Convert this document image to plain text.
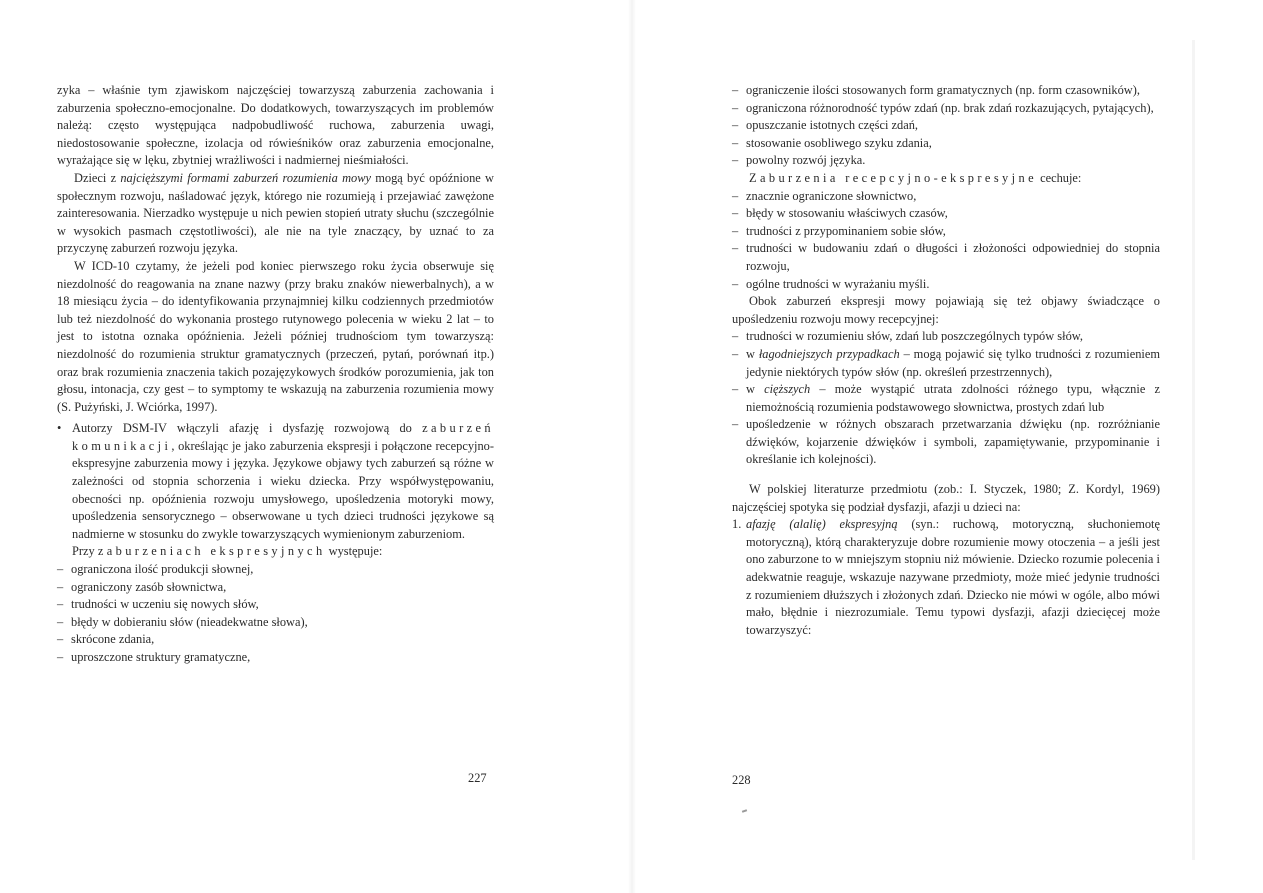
zyka – właśnie tym zjawiskom najczęściej towarzyszą zaburzenia zachowania i zaburzenia społeczno-emocjonalne. Do dodatkowych, towarzyszących im problemów należą: często występująca nadpobudliwość ruchowa, zaburzenia uwagi, niedostosowanie społeczne, izolacja od rówieśników oraz zaburzenia emocjonalne, wyrażające się w lęku, zbytniej wrażliwości i nadmiernej nieśmiałości.

Dzieci z najcięższymi formami zaburzeń rozumienia mowy mogą być opóźnione w społecznym rozwoju, naśladować język, którego nie rozumieją i przejawiać zawężone zainteresowania. Nierzadko występuje u nich pewien stopień utraty słuchu (szczególnie w wysokich pasmach częstotliwości), ale nie na tyle znaczący, by uznać to za przyczynę zaburzeń rozwoju języka.

W ICD-10 czytamy, że jeżeli pod koniec pierwszego roku życia obserwuje się niezdolność do reagowania na znane nazwy (przy braku znaków niewerbalnych), a w 18 miesiącu życia – do identyfikowania przynajmniej kilku codziennych przedmiotów lub też niezdolność do wykonania prostego rutynowego polecenia w wieku 2 lat – to jest to istotna oznaka opóźnienia. Jeżeli później trudnościom tym towarzyszą: niezdolność do rozumienia struktur gramatycznych (przeczeń, pytań, porównań itp.) oraz brak rozumienia znaczenia takich pozajęzykowych środków porozumienia, jak ton głosu, intonacja, czy gest – to symptomy te wskazują na zaburzenia rozumienia mowy (S. Pużyński, J. Wciórka, 1997).

• Autorzy DSM-IV włączyli afazję i dysfazję rozwojową do zaburzeń komunikacji, określając je jako zaburzenia ekspresji i połączone recepcyjno-ekspresyjne zaburzenia mowy i języka. Językowe objawy tych zaburzeń są różne w zależności od stopnia schorzenia i wieku dziecka. Przy współwystępowaniu, obecności np. opóźnienia rozwoju umysłowego, upośledzenia motoryki mowy, upośledzenia sensorycznego – obserwowane u tych dzieci trudności językowe są nadmierne w stosunku do zwykle towarzyszących wymienionym zaburzeniom.

Przy zaburzeniach ekspresyjnych występuje:

– ograniczona ilość produkcji słownej,
– ograniczony zasób słownictwa,
– trudności w uczeniu się nowych słów,
– błędy w dobieraniu słów (nieadekwatne słowa),
– skrócone zdania,
– uproszczone struktury gramatyczne,
227
– ograniczenie ilości stosowanych form gramatycznych (np. form czasowników),
– ograniczona różnorodność typów zdań (np. brak zdań rozkazujących, pytających),
– opuszczanie istotnych części zdań,
– stosowanie osobliwego szyku zdania,
– powolny rozwój języka.

Zaburzenia recepcyjno-ekspresyjne cechuje:

– znacznie ograniczone słownictwo,
– błędy w stosowaniu właściwych czasów,
– trudności z przypominaniem sobie słów,
– trudności w budowaniu zdań o długości i złożoności odpowiedniej do stopnia rozwoju,
– ogólne trudności w wyrażaniu myśli.

Obok zaburzeń ekspresji mowy pojawiają się też objawy świadczące o upośledzeniu rozwoju mowy recepcyjnej:

– trudności w rozumieniu słów, zdań lub poszczególnych typów słów,
– w łagodniejszych przypadkach – mogą pojawić się tylko trudności z rozumieniem jedynie niektórych typów słów (np. określeń przestrzennych),
– w cięższych – może wystąpić utrata zdolności różnego typu, włącznie z niemożnością rozumienia podstawowego słownictwa, prostych zdań lub
– upośledzenie w różnych obszarach przetwarzania dźwięku (np. rozróżnianie dźwięków, kojarzenie dźwięków i symboli, zapamiętywanie, przypominanie i określanie ich kolejności).

W polskiej literaturze przedmiotu (zob.: I. Styczek, 1980; Z. Kordyl, 1969) najczęściej spotyka się podział dysfazji, afazji u dzieci na:

1. afazję (alalię) ekspresyjną (syn.: ruchową, motoryczną, słuchoniemotę motoryczną), którą charakteryzuje dobre rozumienie mowy otoczenia – a jeśli jest ono zaburzone to w mniejszym stopniu niż mówienie. Dziecko rozumie polecenia i adekwatnie reaguje, wskazuje nazywane przedmioty, może mieć jedynie trudności z rozumieniem dłuższych i złożonych zdań. Dziecko nie mówi w ogóle, albo mówi mało, błędnie i niezrozumiale. Temu typowi dysfazji, afazji dziecięcej może towarzyszyć:
228
